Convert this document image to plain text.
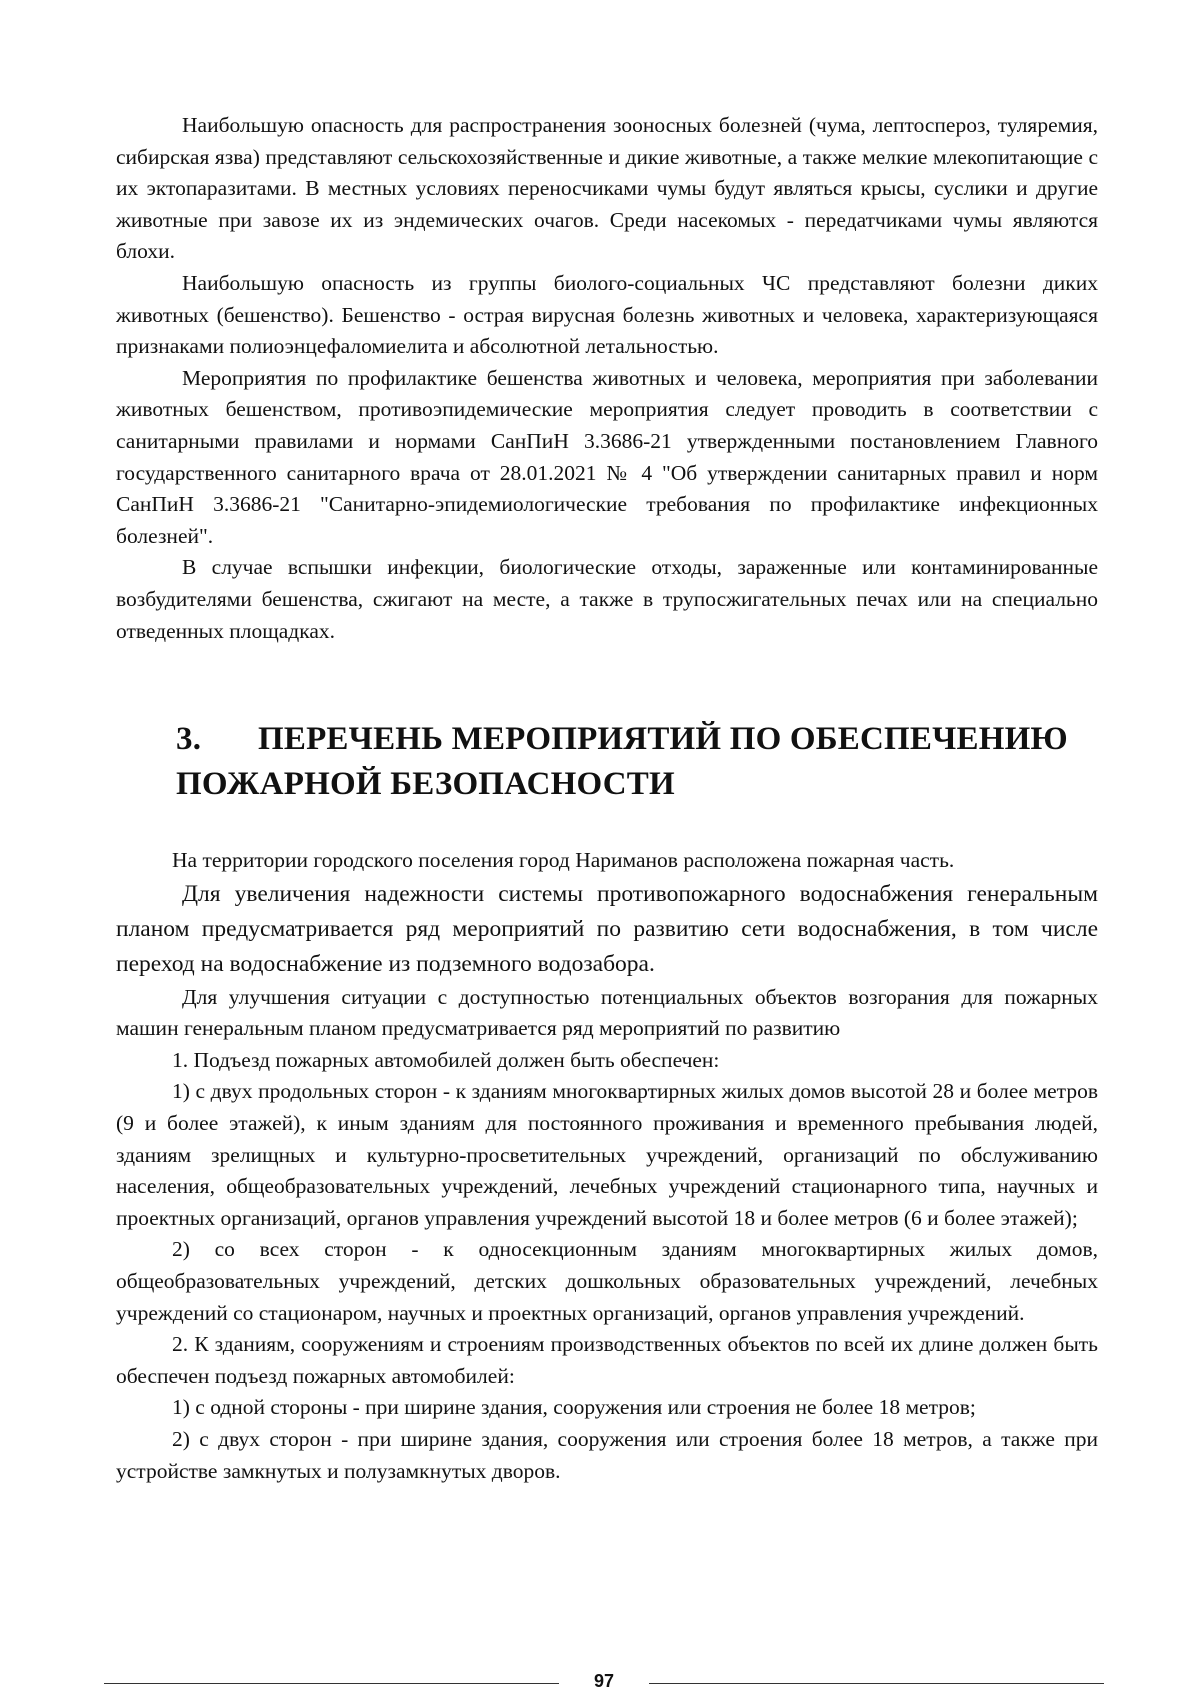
Наибольшую опасность для распространения зооносных болезней (чума, лептоспероз, туляремия, сибирская язва) представляют сельскохозяйственные и дикие животные, а также мелкие млекопитающие с их эктопаразитами. В местных условиях переносчиками чумы будут являться крысы, суслики и другие животные при завозе их из эндемических очагов. Среди насекомых - передатчиками чумы являются блохи.

Наибольшую опасность из группы биолого-социальных ЧС представляют болезни диких животных (бешенство). Бешенство - острая вирусная болезнь животных и человека, характеризующаяся признаками полиоэнцефаломиелита и абсолютной летальностью.

Мероприятия по профилактике бешенства животных и человека, мероприятия при заболевании животных бешенством, противоэпидемические мероприятия следует проводить в соответствии с санитарными правилами и нормами СанПиН 3.3686-21 утвержденными постановлением Главного государственного санитарного врача от 28.01.2021 № 4 "Об утверждении санитарных правил и норм СанПиН 3.3686-21 "Санитарно-эпидемиологические требования по профилактике инфекционных болезней".

В случае вспышки инфекции, биологические отходы, зараженные или контаминированные возбудителями бешенства, сжигают на месте, а также в трупосжигательных печах или на специально отведенных площадках.

3. ПЕРЕЧЕНЬ МЕРОПРИЯТИЙ ПО ОБЕСПЕЧЕНИЮ
ПОЖАРНОЙ БЕЗОПАСНОСТИ

На территории городского поселения город Нариманов расположена пожарная часть.

Для увеличения надежности системы противопожарного водоснабжения генеральным планом предусматривается ряд мероприятий по развитию сети водоснабжения, в том числе переход на водоснабжение из подземного водозабора.

Для улучшения ситуации с доступностью потенциальных объектов возгорания для пожарных машин генеральным планом предусматривается ряд мероприятий по развитию

1. Подъезд пожарных автомобилей должен быть обеспечен:

1) с двух продольных сторон - к зданиям многоквартирных жилых домов высотой 28 и более метров (9 и более этажей), к иным зданиям для постоянного проживания и временного пребывания людей, зданиям зрелищных и культурно-просветительных учреждений, организаций по обслуживанию населения, общеобразовательных учреждений, лечебных учреждений стационарного типа, научных и проектных организаций, органов управления учреждений высотой 18 и более метров (6 и более этажей);

2) со всех сторон - к односекционным зданиям многоквартирных жилых домов, общеобразовательных учреждений, детских дошкольных образовательных учреждений, лечебных учреждений со стационаром, научных и проектных организаций, органов управления учреждений.

2. К зданиям, сооружениям и строениям производственных объектов по всей их длине должен быть обеспечен подъезд пожарных автомобилей:

1) с одной стороны - при ширине здания, сооружения или строения не более 18 метров;

2) с двух сторон - при ширине здания, сооружения или строения более 18 метров, а также при устройстве замкнутых и полузамкнутых дворов.

97
